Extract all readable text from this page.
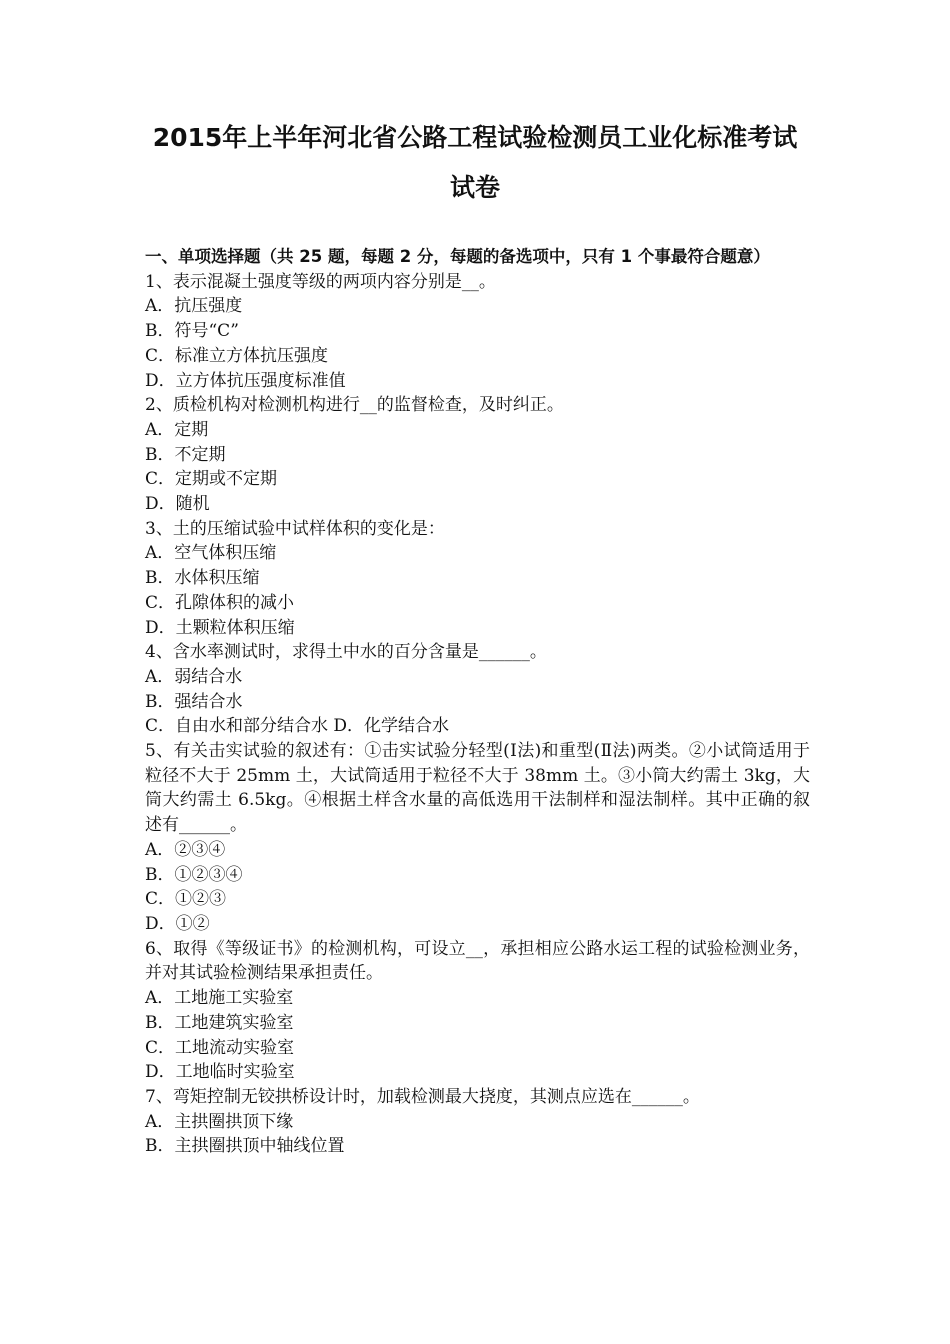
2015年上半年河北省公路工程试验检测员工业化标准考试
试卷
一、单项选择题（共 25 题，每题 2 分，每题的备选项中，只有 1 个事最符合题意）
1、表示混凝土强度等级的两项内容分别是__。
A．抗压强度
B．符号“C”
C．标准立方体抗压强度
D．立方体抗压强度标准值
2、质检机构对检测机构进行__的监督检查，及时纠正。
A．定期
B．不定期
C．定期或不定期
D．随机
3、土的压缩试验中试样体积的变化是：
A．空气体积压缩
B．水体积压缩
C．孔隙体积的减小
D．土颗粒体积压缩
4、含水率测试时，求得土中水的百分含量是______。
A．弱结合水
B．强结合水
C．自由水和部分结合水 D．化学结合水
5、有关击实试验的叙述有：①击实试验分轻型(Ⅰ法)和重型(Ⅱ法)两类。②小试筒适用于粒径不大于 25mm 土，大试筒适用于粒径不大于 38mm 土。③小筒大约需土 3kg，大筒大约需土 6.5kg。④根据土样含水量的高低选用干法制样和湿法制样。其中正确的叙述有______。
A．②③④
B．①②③④
C．①②③
D．①②
6、取得《等级证书》的检测机构，可设立__，承担相应公路水运工程的试验检测业务，并对其试验检测结果承担责任。
A．工地施工实验室
B．工地建筑实验室
C．工地流动实验室
D．工地临时实验室
7、弯矩控制无铰拱桥设计时，加载检测最大挠度，其测点应选在______。
A．主拱圈拱顶下缘
B．主拱圈拱顶中轴线位置
